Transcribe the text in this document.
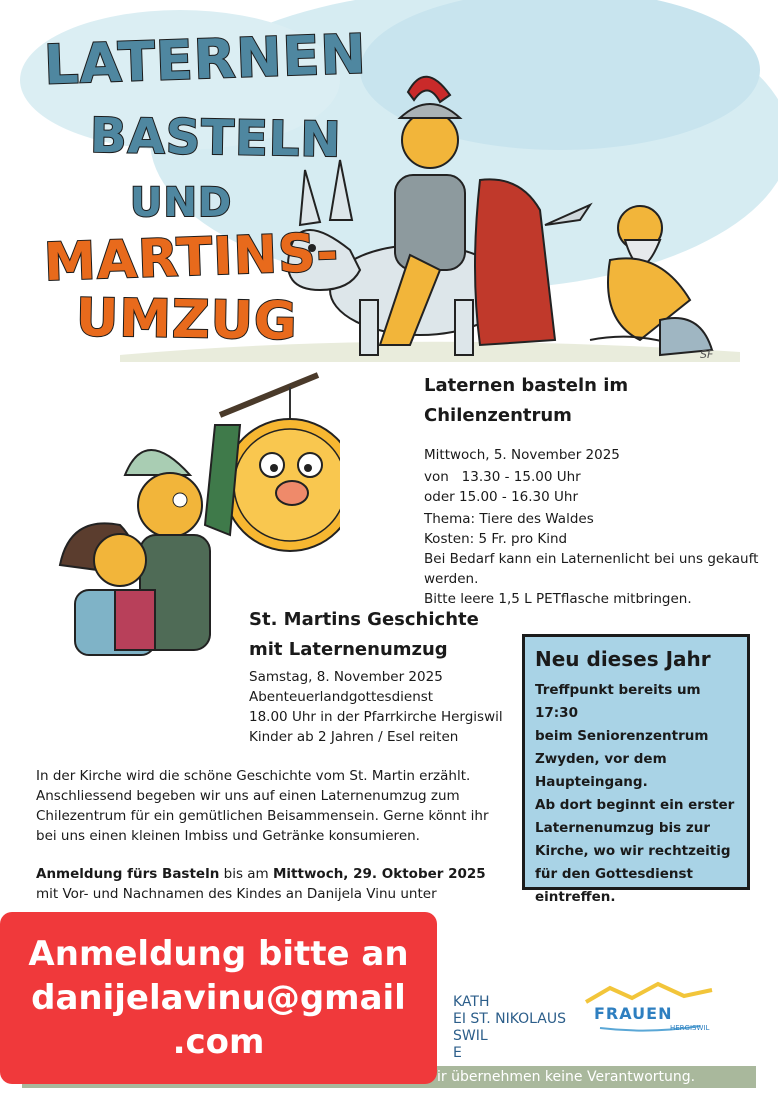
LATERNEN
BASTELN
UND
MARTINS-
UMZUG
SF

Laternen basteln im

Chilenzentrum

Mittwoch, 5. November 2025

von   13.30 - 15.00 Uhr

oder 15.00 - 16.30 Uhr

Thema: Tiere des Waldes

Kosten: 5 Fr. pro Kind

Bei Bedarf kann ein Laternenlicht bei uns gekauft

werden.

Bitte leere 1,5 L PETflasche mitbringen.

St. Martins Geschichte

mit Laternenumzug

Samstag, 8. November 2025

Abenteuerlandgottesdienst

18.00 Uhr in der Pfarrkirche Hergiswil

Kinder ab 2 Jahren / Esel reiten

Neu dieses Jahr

Treffpunkt bereits um 17:30

beim Seniorenzentrum

Zwyden, vor dem

Haupteingang.

Ab dort beginnt ein erster

Laternenumzug bis zur

Kirche, wo wir rechtzeitig

für den Gottesdienst

eintreffen.

In der Kirche wird die schöne Geschichte vom St. Martin erzählt.

Anschliessend begeben wir uns auf einen Laternenumzug zum

Chilezentrum für ein gemütlichen Beisammensein. Gerne könnt ihr

bei uns einen kleinen Imbiss und Getränke konsumieren.

Anmeldung fürs Basteln bis am Mittwoch, 29. Oktober 2025

mit Vor- und Nachnamen des Kindes an Danijela Vinu unter

KATH
EI ST. NIKOLAUS
SWIL
E
FRAUEN
HERGISWIL
ir übernehmen keine Verantwortung.
Anmeldung bitte an
danijelavinu@gmail
.com
